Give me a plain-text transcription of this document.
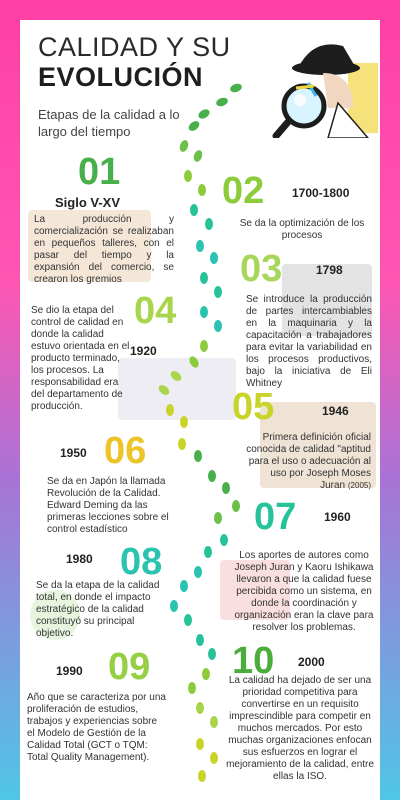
CALIDAD Y SU
EVOLUCIÓN
Etapas de la calidad a lo largo del tiempo
01
Siglo V-XV
La producción y comercialización se realizaban en pequeños talleres, con el pasar del tiempo y la expansión del comercio, se crearon los gremios
02 1700-1800
Se da la optimización de los procesos
03	1798
Se introduce la producción de partes intercambiables en la maquinaria y la capacitación a trabajadores para evitar la variabilidad en los procesos productivos, bajo la iniciativa de Eli Whitney
04
1920
Se dio la etapa del control de calidad en donde la calidad estuvo orientada en el producto terminado, los procesos. La responsabilidad era del departamento de producción.	05	1946
Primera definición oficial conocida de calidad "aptitud para el uso o adecuación al uso por Joseph Moses Juran (2005)
06
1950
Se da en Japón la llamada Revolución de la Calidad. Edward Deming da las primeras lecciones sobre el control estadístico	07 1960
Los aportes de autores como Joseph Juran y Kaoru Ishikawa llevaron a que la calidad fuese percibida como un sistema, en donde la coordinación y organización eran la clave para resolver los problemas.
08
1980
Se da la etapa de la calidad total, en donde el impacto estratégico de la calidad constituyó su principal objetivo.
09
1990
Año que se caracteriza por una proliferación de estudios, trabajos y experiencias sobre el Modelo de Gestión de la Calidad Total (GCT o TQM: Total Quality Management).
10 2000
La calidad ha dejado de ser una prioridad competitiva para convertirse en un requisito imprescindible para competir en muchos mercados. Por esto muchas organizaciones enfocan sus esfuerzos en lograr el mejoramiento de la calidad, entre ellas la ISO.
